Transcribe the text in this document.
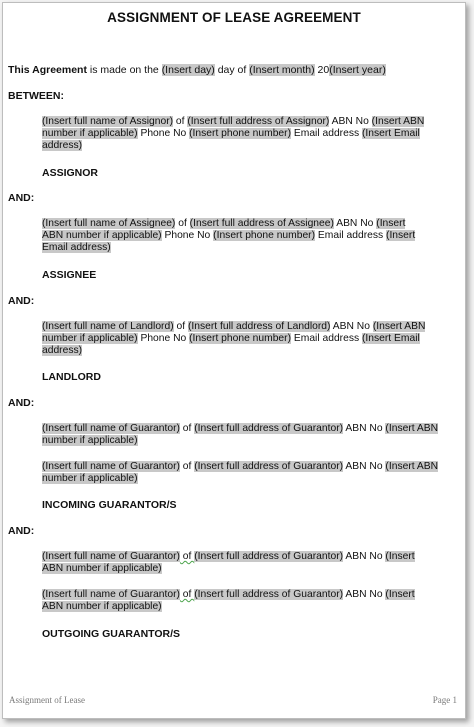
ASSIGNMENT OF LEASE AGREEMENT
This Agreement is made on the (Insert day) day of (Insert month) 20(Insert year)
BETWEEN:
(Insert full name of Assignor) of (Insert full address of Assignor) ABN No (Insert ABN
number if applicable) Phone No (Insert phone number) Email address (Insert Email
address)
ASSIGNOR
AND:
(Insert full name of Assignee) of (Insert full address of Assignee) ABN No (Insert
ABN number if applicable) Phone No (Insert phone number) Email address (Insert
Email address)
ASSIGNEE
AND:
(Insert full name of Landlord) of (Insert full address of Landlord) ABN No (Insert ABN
number if applicable) Phone No (Insert phone number) Email address (Insert Email
address)
LANDLORD
AND:
(Insert full name of Guarantor) of (Insert full address of Guarantor) ABN No (Insert ABN
number if applicable)
(Insert full name of Guarantor) of (Insert full address of Guarantor) ABN No (Insert ABN
number if applicable)
INCOMING GUARANTOR/S
AND:
(Insert full name of Guarantor) of (Insert full address of Guarantor) ABN No (Insert
ABN number if applicable)
(Insert full name of Guarantor) of (Insert full address of Guarantor) ABN No (Insert
ABN number if applicable)
OUTGOING GUARANTOR/S
Assignment of Lease	Page 1
